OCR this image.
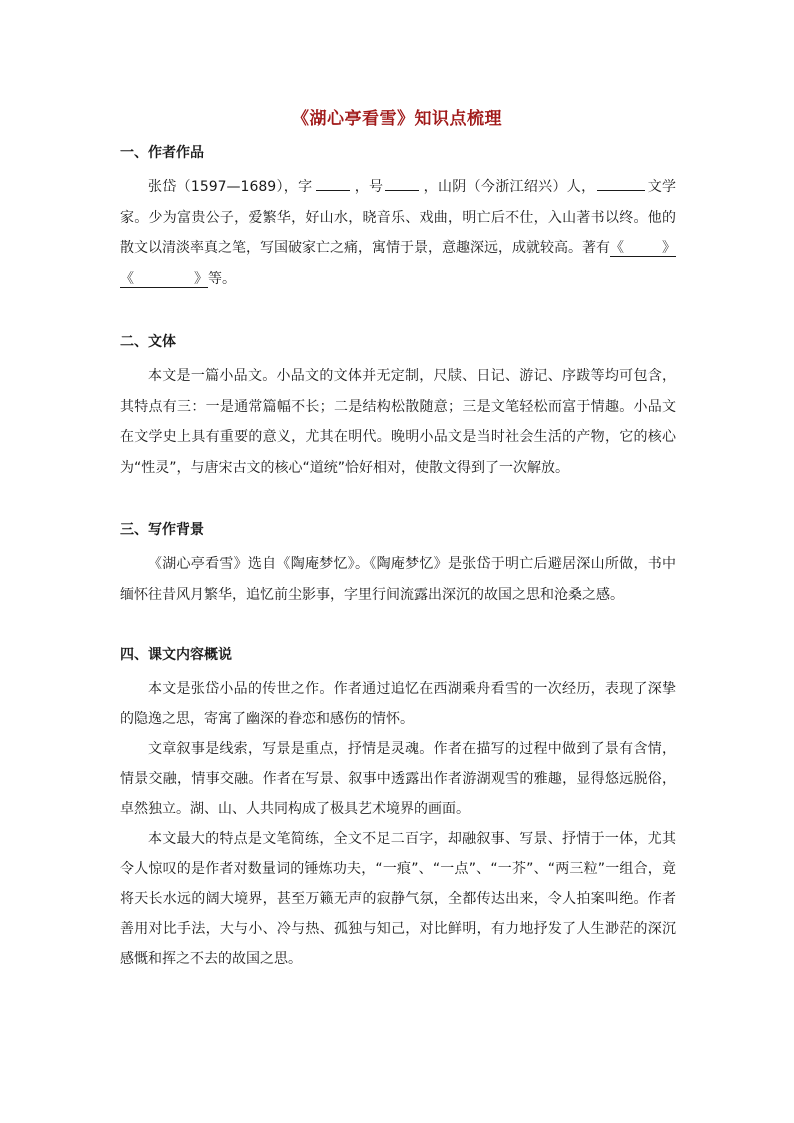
《湖心亭看雪》知识点梳理
一、作者作品

张岱（1597—1689），字	，号	，山阴（今浙江绍兴）人，	文学家。少为富贵公子，爱繁华，好山水，晓音乐、戏曲，明亡后不仕，入山著书以终。他的散文以清淡率真之笔，写国破家亡之痛，寓情于景，意趣深远，成就较高。著有《	》《	》等。

二、文体

本文是一篇小品文。小品文的文体并无定制，尺牍、日记、游记、序跋等均可包含，其特点有三：一是通常篇幅不长；二是结构松散随意；三是文笔轻松而富于情趣。小品文在文学史上具有重要的意义，尤其在明代。晚明小品文是当时社会生活的产物，它的核心为“性灵”，与唐宋古文的核心“道统”恰好相对，使散文得到了一次解放。

三、写作背景

《湖心亭看雪》选自《陶庵梦忆》。《陶庵梦忆》是张岱于明亡后避居深山所做，书中缅怀往昔风月繁华，追忆前尘影事，字里行间流露出深沉的故国之思和沧桑之感。

四、课文内容概说

本文是张岱小品的传世之作。作者通过追忆在西湖乘舟看雪的一次经历，表现了深挚的隐逸之思，寄寓了幽深的眷恋和感伤的情怀。

文章叙事是线索，写景是重点，抒情是灵魂。作者在描写的过程中做到了景有含情，情景交融，情事交融。作者在写景、叙事中透露出作者游湖观雪的雅趣，显得悠远脱俗，卓然独立。湖、山、人共同构成了极具艺术境界的画面。

本文最大的特点是文笔简练，全文不足二百字，却融叙事、写景、抒情于一体，尤其令人惊叹的是作者对数量词的锤炼功夫，“一痕”、“一点”、“一芥”、“两三粒”一组合，竟将天长水远的阔大境界，甚至万籁无声的寂静气氛，全都传达出来，令人拍案叫绝。作者善用对比手法，大与小、冷与热、孤独与知己，对比鲜明，有力地抒发了人生渺茫的深沉感慨和挥之不去的故国之思。
